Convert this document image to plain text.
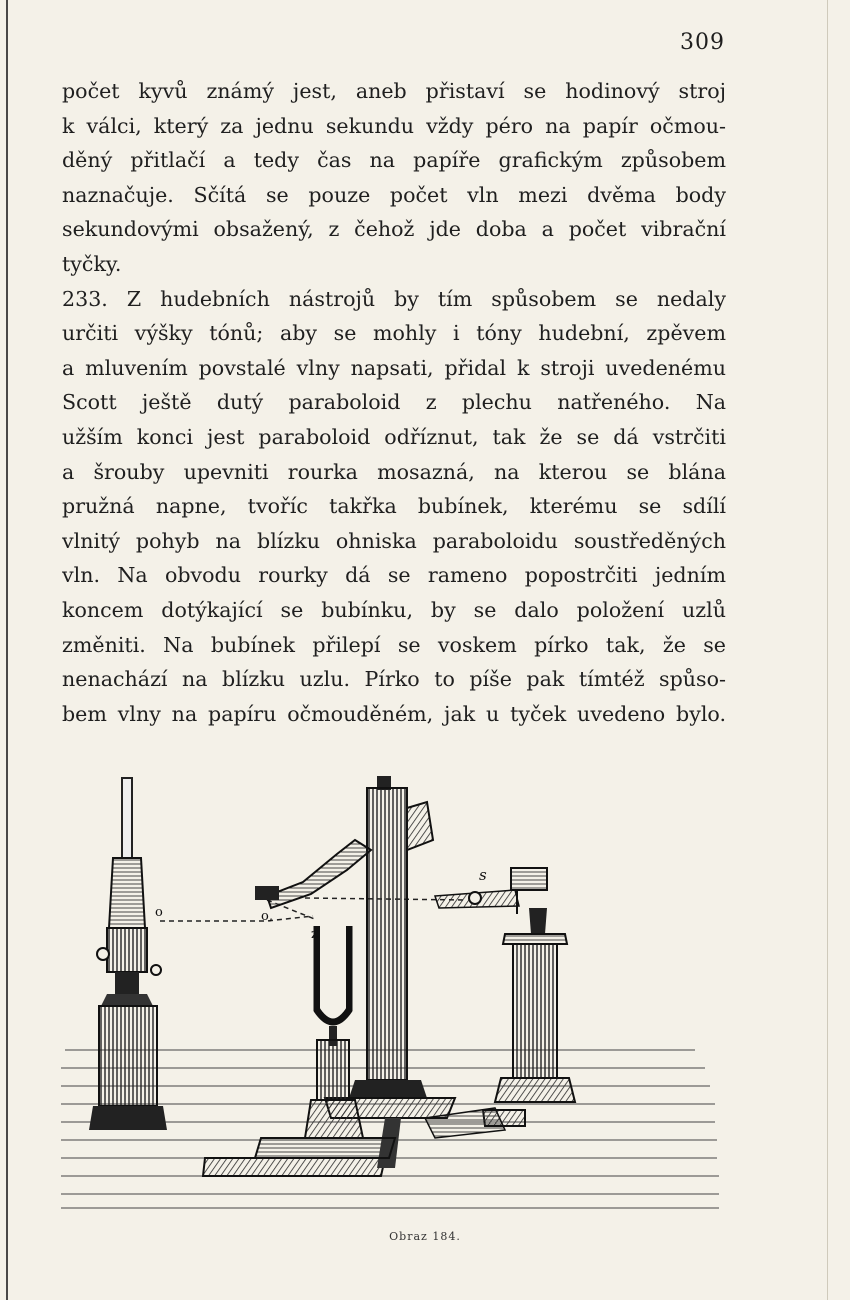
309
počet kyvů známý jest, aneb přistaví se hodinový stroj
k válci, který za jednu sekundu vždy péro na papír očmou-
děný přitlačí a tedy čas na papíře grafickým způsobem
naznačuje. Sčítá se pouze počet vln mezi dvěma body
sekundovými obsažený, z čehož jde doba a počet vibrační
tyčky.
233. Z hudebních nástrojů by tím spůsobem se nedaly
určiti výšky tónů; aby se mohly i tóny hudební, zpěvem
a mluvením povstalé vlny napsati, přidal k stroji uvedenému
Scott ještě dutý paraboloid z plechu natřeného. Na
užším konci jest paraboloid odříznut, tak že se dá vstrčiti
a šrouby upevniti rourka mosazná, na kterou se blána
pružná napne, tvoříc takřka bubínek, kterému se sdílí
vlnitý pohyb na blízku ohniska paraboloidu soustředěných
vln. Na obvodu rourky dá se rameno popostrčiti jedním
koncem dotýkající se bubínku, by se dalo položení uzlů
změniti. Na bubínek přilepí se voskem pírko tak, že se
nenachází na blízku uzlu. Pírko to píše pak tímtéž spůso-
bem vlny na papíru očmouděném, jak u tyček uvedeno bylo.
o	o,
z
s
Obraz 184.
